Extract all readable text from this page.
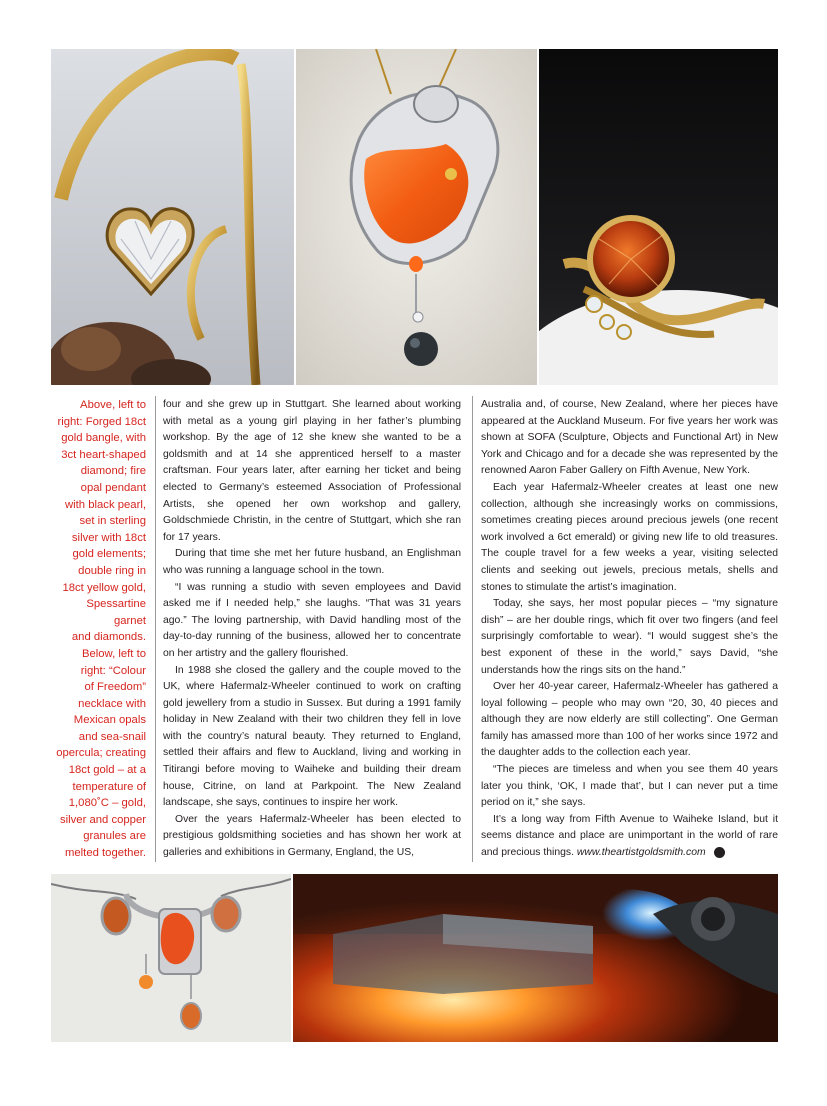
Above, left to
right: Forged 18ct
gold bangle, with
3ct heart-shaped
diamond; fire
opal pendant
with black pearl,
set in sterling
silver with 18ct
gold elements;
double ring in
18ct yellow gold,
Spessartine garnet
and diamonds.
Below, left to
right: “Colour
of Freedom”
necklace with
Mexican opals
and sea-snail
opercula; creating
18ct gold – at a
temperature of
1,080˚C – gold,
silver and copper
granules are
melted together.

four and she grew up in Stuttgart. She learned about working with metal as a young girl playing in her father’s plumbing workshop. By the age of 12 she knew she wanted to be a goldsmith and at 14 she apprenticed herself to a master craftsman. Four years later, after earning her ticket and being elected to Germany’s esteemed Association of Professional Artists, she opened her own workshop and gallery, Goldschmiede Christin, in the centre of Stuttgart, which she ran for 17 years.

During that time she met her future husband, an Englishman who was running a language school in the town.

“I was running a studio with seven employees and David asked me if I needed help,” she laughs. “That was 31 years ago.” The loving partnership, with David handling most of the day-to-day running of the business, allowed her to concentrate on her artistry and the gallery flourished.

In 1988 she closed the gallery and the couple moved to the UK, where Hafermalz-Wheeler continued to work on crafting gold jewellery from a studio in Sussex. But during a 1991 family holiday in New Zealand with their two children they fell in love with the country’s natural beauty. They returned to England, settled their affairs and flew to Auckland, living and working in Titirangi before moving to Waiheke and building their dream house, Citrine, on land at Parkpoint. The New Zealand landscape, she says, continues to inspire her work.

Over the years Hafermalz-Wheeler has been elected to prestigious goldsmithing societies and has shown her work at galleries and exhibitions in Germany, England, the US,

Australia and, of course, New Zealand, where her pieces have appeared at the Auckland Museum. For five years her work was shown at SOFA (Sculpture, Objects and Functional Art) in New York and Chicago and for a decade she was represented by the renowned Aaron Faber Gallery on Fifth Avenue, New York.

Each year Hafermalz-Wheeler creates at least one new collection, although she increasingly works on commissions, sometimes creating pieces around precious jewels (one recent work involved a 6ct emerald) or giving new life to old treasures. The couple travel for a few weeks a year, visiting selected clients and seeking out jewels, precious metals, shells and stones to stimulate the artist’s imagination.

Today, she says, her most popular pieces – “my signature dish” – are her double rings, which fit over two fingers (and feel surprisingly comfortable to wear). “I would suggest she’s the best exponent of these in the world,” says David, “she understands how the rings sits on the hand.”

Over her 40-year career, Hafermalz-Wheeler has gathered a loyal following – people who may own “20, 30, 40 pieces and although they are now elderly are still collecting”. One German family has amassed more than 100 of her works since 1972 and the daughter adds to the collection each year.

“The pieces are timeless and when you see them 40 years later you think, ‘OK, I made that’, but I can never put a time period on it,” she says.

It’s a long way from Fifth Avenue to Waiheke Island, but it seems distance and place are unimportant in the world of rare and precious things. www.theartistgoldsmith.com	W
